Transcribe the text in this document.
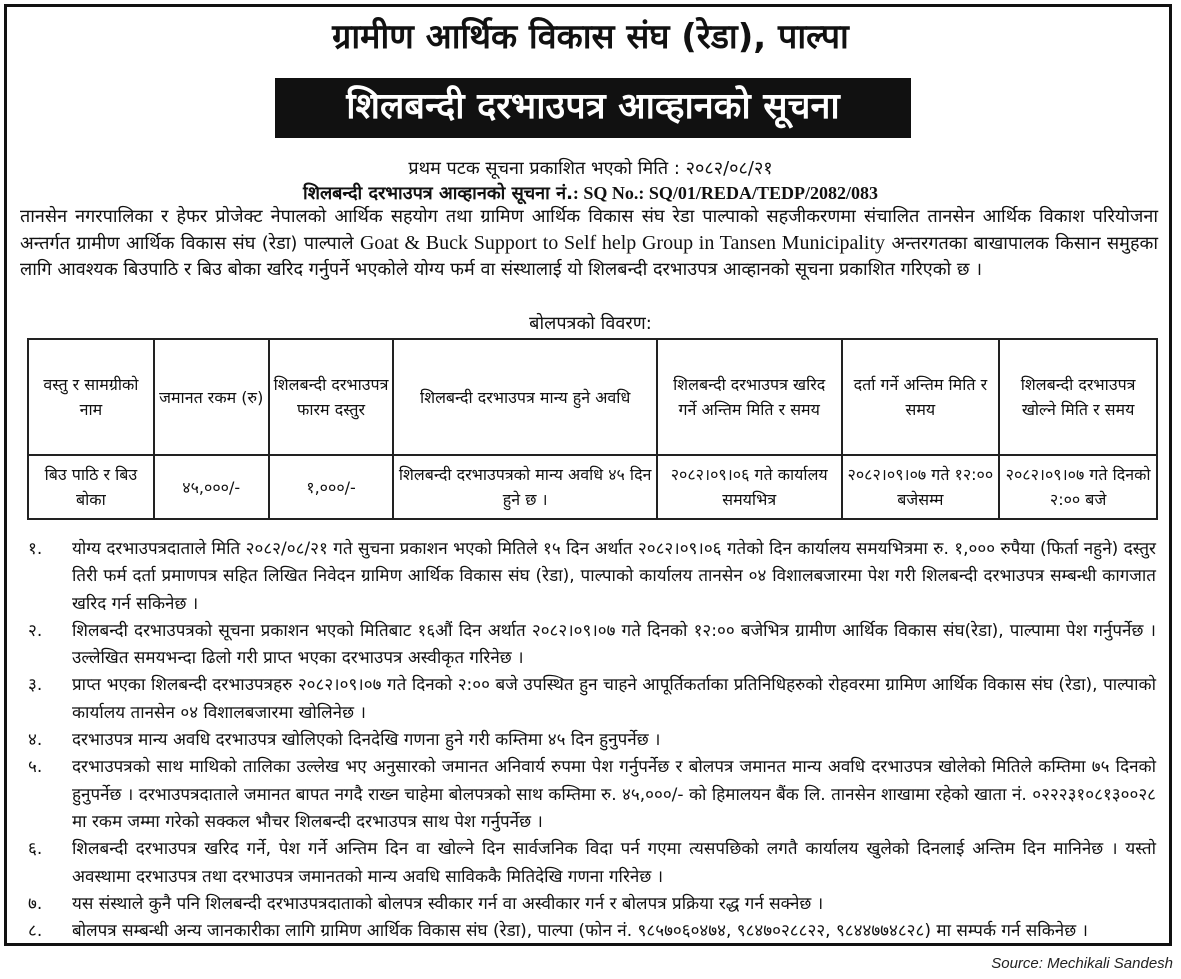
ग्रामीण आर्थिक विकास संघ (रेडा), पाल्पा
शिलबन्दी दरभाउपत्र आव्हानको सूचना
प्रथम पटक सूचना प्रकाशित भएको मिति : २०८२/०८/२१
शिलबन्दी दरभाउपत्र आव्हानको सूचना नं.: SQ No.: SQ/01/REDA/TEDP/2082/083
तानसेन नगरपालिका र हेफर प्रोजेक्ट नेपालको आर्थिक सहयोग तथा ग्रामिण आर्थिक विकास संघ रेडा पाल्पाको सहजीकरणमा संचालित तानसेन आर्थिक विकाश परियोजना अन्तर्गत ग्रामीण आर्थिक विकास संघ (रेडा) पाल्पाले Goat & Buck Support to Self help Group in Tansen Municipality अन्तरगतका बाखापालक किसान समुहका लागि आवश्यक बिउपाठि र बिउ बोका खरिद गर्नुपर्ने भएकोले योग्य फर्म वा संस्थालाई यो शिलबन्दी दरभाउपत्र आव्हानको सूचना प्रकाशित गरिएको छ ।
बोलपत्रको विवरण:
वस्तु र सामग्रीको नाम	जमानत रकम (रु)	शिलबन्दी दरभाउपत्र फारम दस्तुर	शिलबन्दी दरभाउपत्र मान्य हुने अवधि	शिलबन्दी दरभाउपत्र खरिद गर्ने अन्तिम मिति र समय	दर्ता गर्ने अन्तिम मिति र समय	शिलबन्दी दरभाउपत्र खोल्ने मिति र समय
बिउ पाठि र बिउ बोका	४५,०००/-	१,०००/-	शिलबन्दी दरभाउपत्रको मान्य अवधि ४५ दिन हुने छ ।	२०८२।०९।०६ गते कार्यालय समयभित्र	२०८२।०९।०७ गते १२:०० बजेसम्म	२०८२।०९।०७ गते दिनको २:०० बजे
१.	योग्य दरभाउपत्रदाताले मिति २०८२/०८/२१ गते सुचना प्रकाशन भएको मितिले १५ दिन अर्थात २०८२।०९।०६ गतेको दिन कार्यालय समयभित्रमा रु. १,००० रुपैया (फिर्ता नहुने) दस्तुर तिरी फर्म दर्ता प्रमाणपत्र सहित लिखित निवेदन ग्रामिण आर्थिक विकास संघ (रेडा), पाल्पाको कार्यालय तानसेन ०४ विशालबजारमा पेश गरी शिलबन्दी दरभाउपत्र सम्बन्धी कागजात खरिद गर्न सकिनेछ ।
२.	शिलबन्दी दरभाउपत्रको सूचना प्रकाशन भएको मितिबाट १६औं दिन अर्थात २०८२।०९।०७ गते दिनको १२:०० बजेभित्र ग्रामीण आर्थिक विकास संघ(रेडा), पाल्पामा पेश गर्नुपर्नेछ । उल्लेखित समयभन्दा ढिलो गरी प्राप्त भएका दरभाउपत्र अस्वीकृत गरिनेछ ।
३.	प्राप्त भएका शिलबन्दी दरभाउपत्रहरु २०८२।०९।०७ गते दिनको २:०० बजे उपस्थित हुन चाहने आपूर्तिकर्ताका प्रतिनिधिहरुको रोहवरमा ग्रामिण आर्थिक विकास संघ (रेडा), पाल्पाको कार्यालय तानसेन ०४ विशालबजारमा खोलिनेछ ।
४.	दरभाउपत्र मान्य अवधि दरभाउपत्र खोलिएको दिनदेखि गणना हुने गरी कम्तिमा ४५ दिन हुनुपर्नेछ ।
५.	दरभाउपत्रको साथ माथिको तालिका उल्लेख भए अनुसारको जमानत अनिवार्य रुपमा पेश गर्नुपर्नेछ र बोलपत्र जमानत मान्य अवधि दरभाउपत्र खोलेको मितिले कम्तिमा ७५ दिनको हुनुपर्नेछ । दरभाउपत्रदाताले जमानत बापत नगदै राख्न चाहेमा बोलपत्रको साथ कम्तिमा रु. ४५,०००/- को हिमालयन बैंक लि. तानसेन शाखामा रहेको खाता नं. ०२२२३१०८१३००२८ मा रकम जम्मा गरेको सक्कल भौचर शिलबन्दी दरभाउपत्र साथ पेश गर्नुपर्नेछ ।
६.	शिलबन्दी दरभाउपत्र खरिद गर्ने, पेश गर्ने अन्तिम दिन वा खोल्ने दिन सार्वजनिक विदा पर्न गएमा त्यसपछिको लगतै कार्यालय खुलेको दिनलाई अन्तिम दिन मानिनेछ । यस्तो अवस्थामा दरभाउपत्र तथा दरभाउपत्र जमानतको मान्य अवधि साविककै मितिदेखि गणना गरिनेछ ।
७.	यस संस्थाले कुनै पनि शिलबन्दी दरभाउपत्रदाताको बोलपत्र स्वीकार गर्न वा अस्वीकार गर्न र बोलपत्र प्रक्रिया रद्ध गर्न सक्नेछ ।
८.	बोलपत्र सम्बन्धी अन्य जानकारीका लागि ग्रामिण आर्थिक विकास संघ (रेडा), पाल्पा (फोन नं. ९८५७०६०४७४, ९८४७०२८८२२, ९८४४७७४८२८) मा सम्पर्क गर्न सकिनेछ ।
Source: Mechikali Sandesh
